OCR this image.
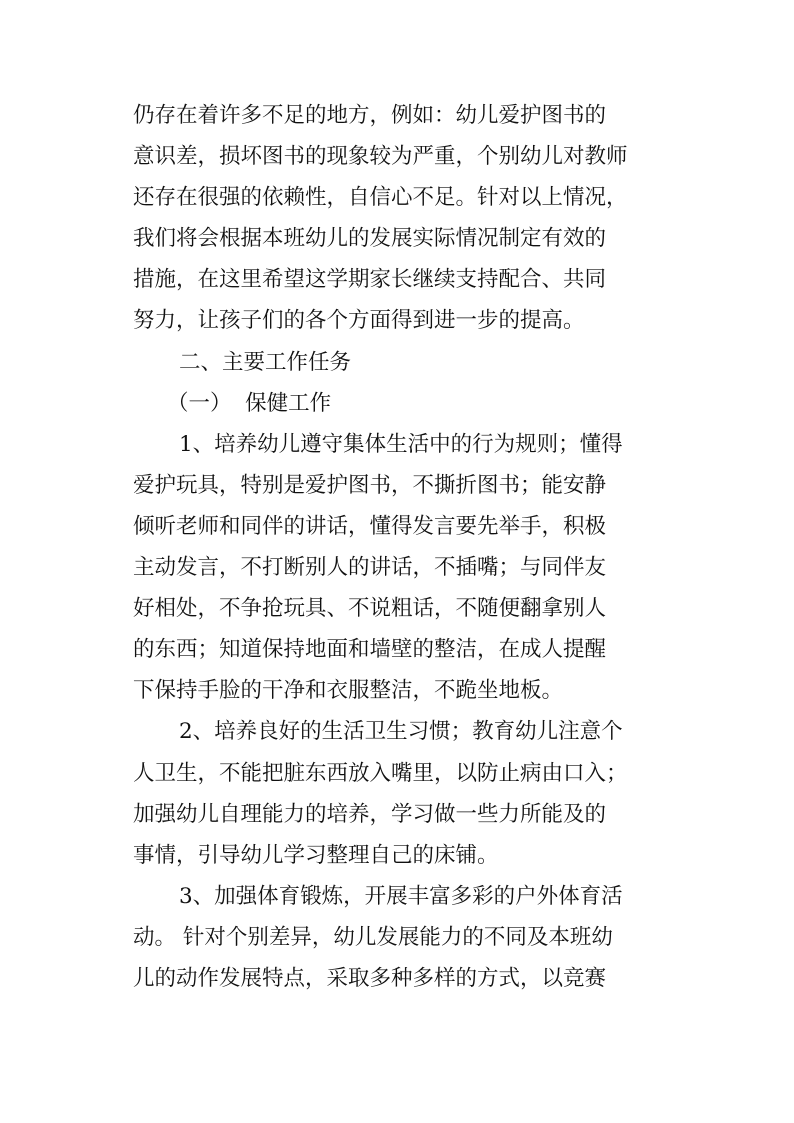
仍存在着许多不足的地方，例如：幼儿爱护图书的
意识差，损坏图书的现象较为严重，个别幼儿对教师
还存在很强的依赖性，自信心不足。针对以上情况，
我们将会根据本班幼儿的发展实际情况制定有效的
措施，在这里希望这学期家长继续支持配合、共同
努力，让孩子们的各个方面得到进一步的提高。
二、主要工作任务
（一）  保健工作
1、培养幼儿遵守集体生活中的行为规则；懂得
爱护玩具，特别是爱护图书，不撕折图书；能安静
倾听老师和同伴的讲话，懂得发言要先举手，积极
主动发言，不打断别人的讲话，不插嘴；与同伴友
好相处，不争抢玩具、不说粗话，不随便翻拿别人
的东西；知道保持地面和墙壁的整洁，在成人提醒
下保持手脸的干净和衣服整洁，不跪坐地板。
2、培养良好的生活卫生习惯；教育幼儿注意个
人卫生，不能把脏东西放入嘴里，以防止病由口入；
加强幼儿自理能力的培养，学习做一些力所能及的
事情，引导幼儿学习整理自己的床铺。
3、加强体育锻炼，开展丰富多彩的户外体育活
动。 针对个别差异，幼儿发展能力的不同及本班幼
儿的动作发展特点，采取多种多样的方式，以竞赛
